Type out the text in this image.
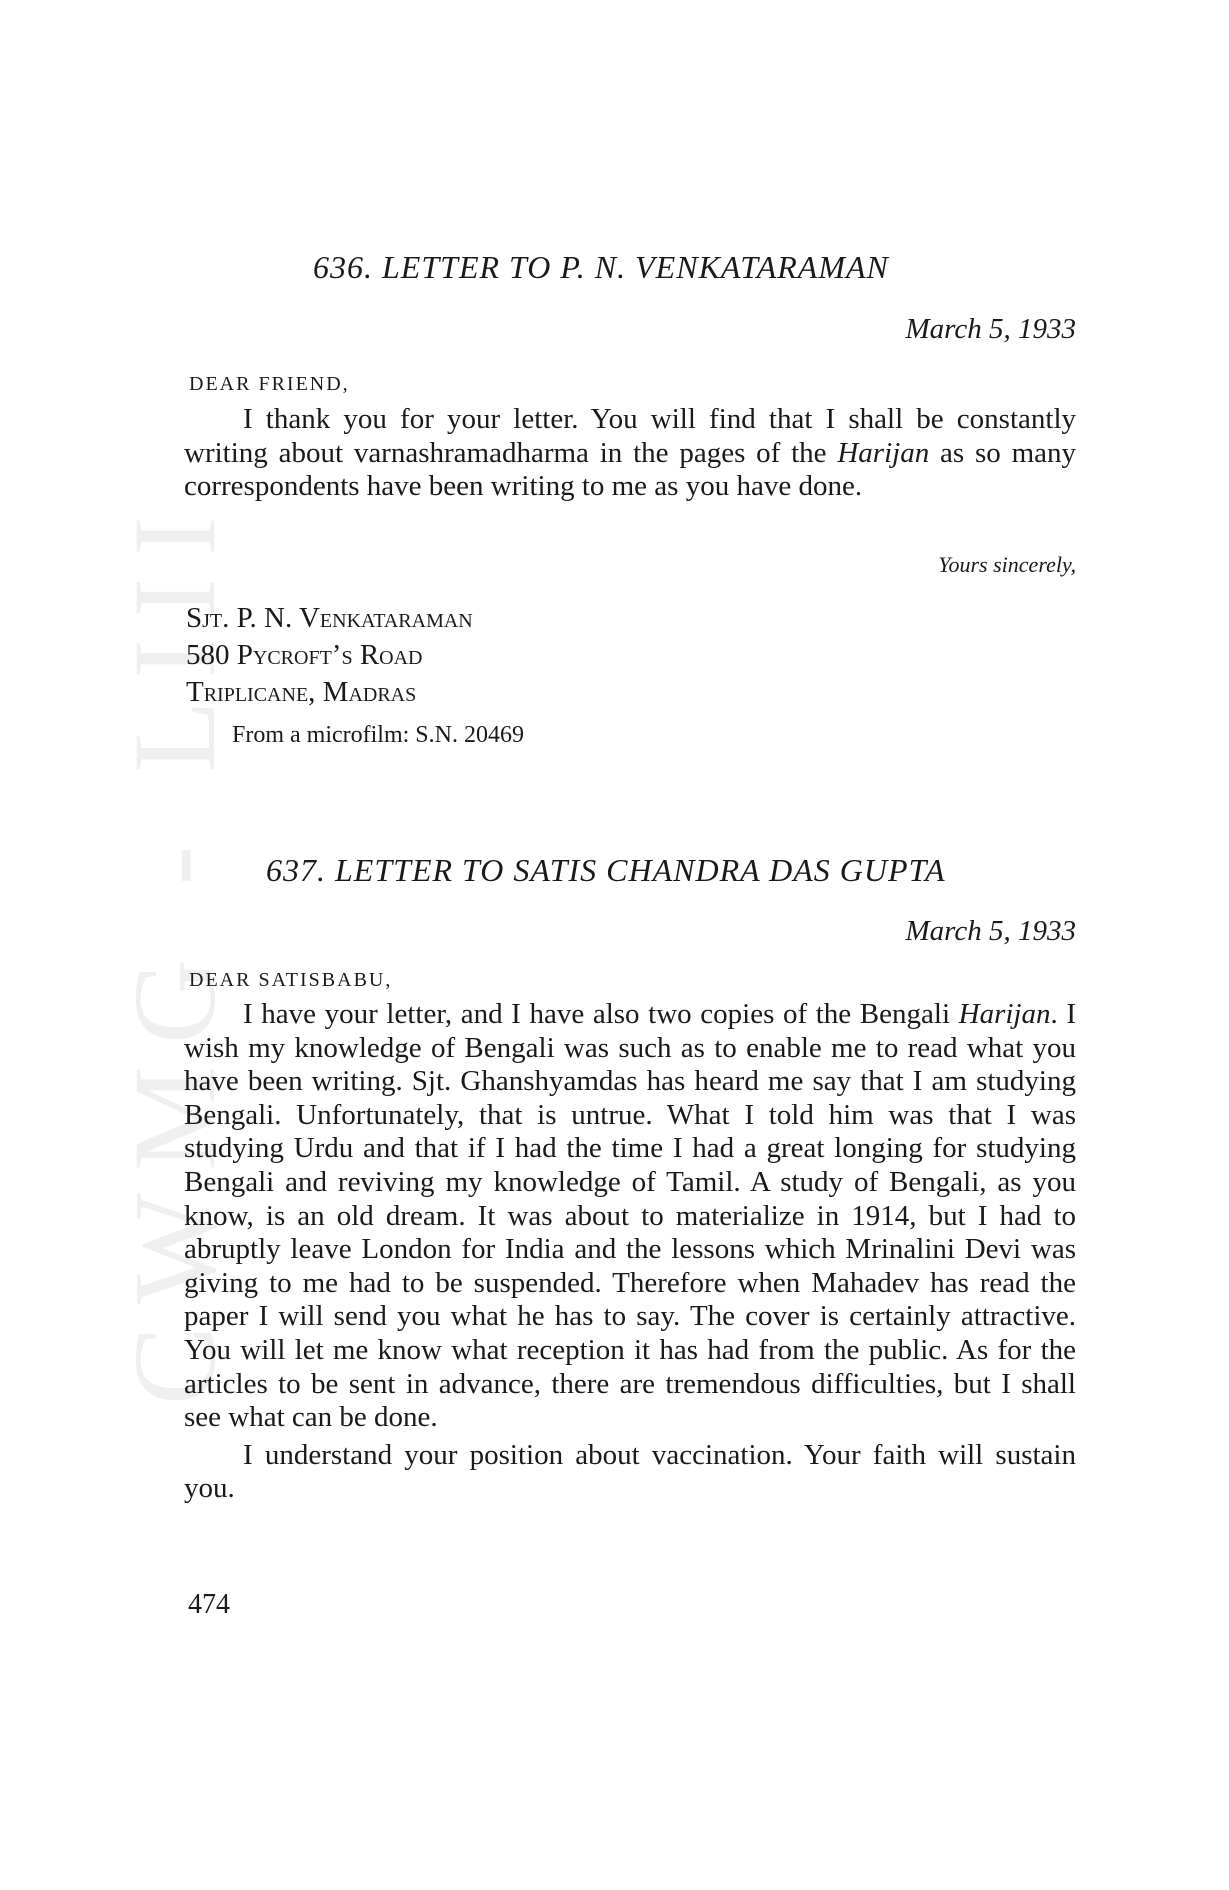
CWMG - LIII
636. LETTER TO P. N. VENKATARAMAN
March 5, 1933
DEAR FRIEND,

I thank you for your letter. You will find that I shall be constantly writing about varnashramadharma in the pages of the Harijan as so many correspondents have been writing to me as you have done.

Yours sincerely,
Sjt. P. N. Venkataraman
580 Pycroft’s Road
Triplicane, Madras
From a microfilm: S.N. 20469
637. LETTER TO SATIS CHANDRA DAS GUPTA
March 5, 1933
DEAR SATISBABU,

I have your letter, and I have also two copies of the Bengali Harijan. I wish my knowledge of Bengali was such as to enable me to read what you have been writing. Sjt. Ghanshyamdas has heard me say that I am studying Bengali. Unfortunately, that is untrue. What I told him was that I was studying Urdu and that if I had the time I had a great longing for studying Bengali and reviving my knowledge of Tamil. A study of Bengali, as you know, is an old dream. It was about to materialize in 1914, but I had to abruptly leave London for India and the lessons which Mrinalini Devi was giving to me had to be suspended. Therefore when Mahadev has read the paper I will send you what he has to say. The cover is certainly attractive. You will let me know what reception it has had from the public. As for the articles to be sent in advance, there are tremendous difficulties, but I shall see what can be done.

I understand your position about vaccination. Your faith will sustain you.

474
